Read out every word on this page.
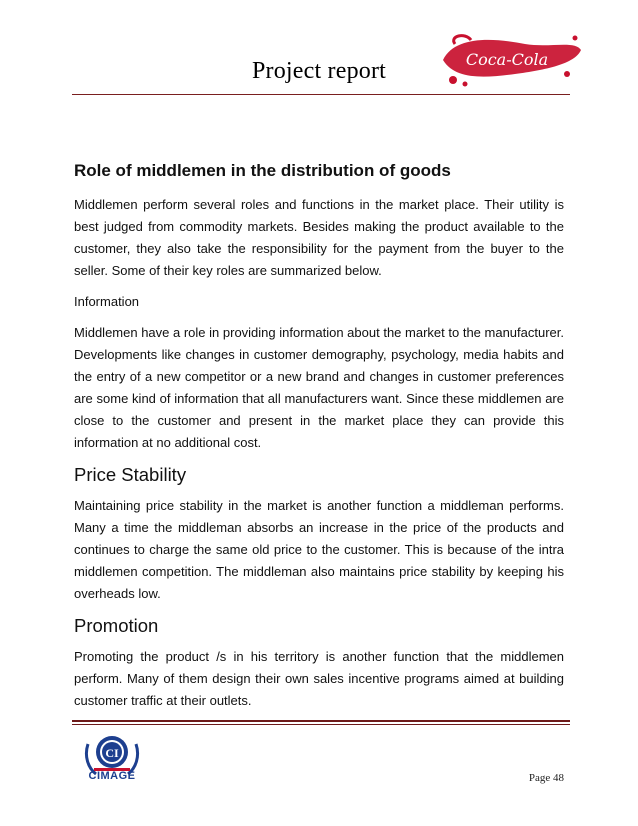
Project report	Coca-Cola
Role of middlemen in the distribution of goods

Middlemen perform several roles and functions in the market place. Their utility is best judged from commodity markets. Besides making the product available to the customer, they also take the responsibility for the payment from the buyer to the seller. Some of their key roles are summarized below.

Information

Middlemen have a role in providing information about the market to the manufacturer. Developments like changes in customer demography, psychology, media habits and the entry of a new competitor or a new brand and changes in customer preferences are some kind of information that all manufacturers want. Since these middlemen are close to the customer and present in the market place they can provide this information at no additional cost.

Price Stability

Maintaining price stability in the market is another function a middleman performs. Many a time the middleman absorbs an increase in the price of the products and continues to charge the same old price to the customer. This is because of the intra middlemen competition. The middleman also maintains price stability by keeping his overheads low.

Promotion

Promoting the product /s in his territory is another function that the middlemen perform. Many of them design their own sales incentive programs aimed at building customer traffic at their outlets.

CI
CIMAGE	Page 48
